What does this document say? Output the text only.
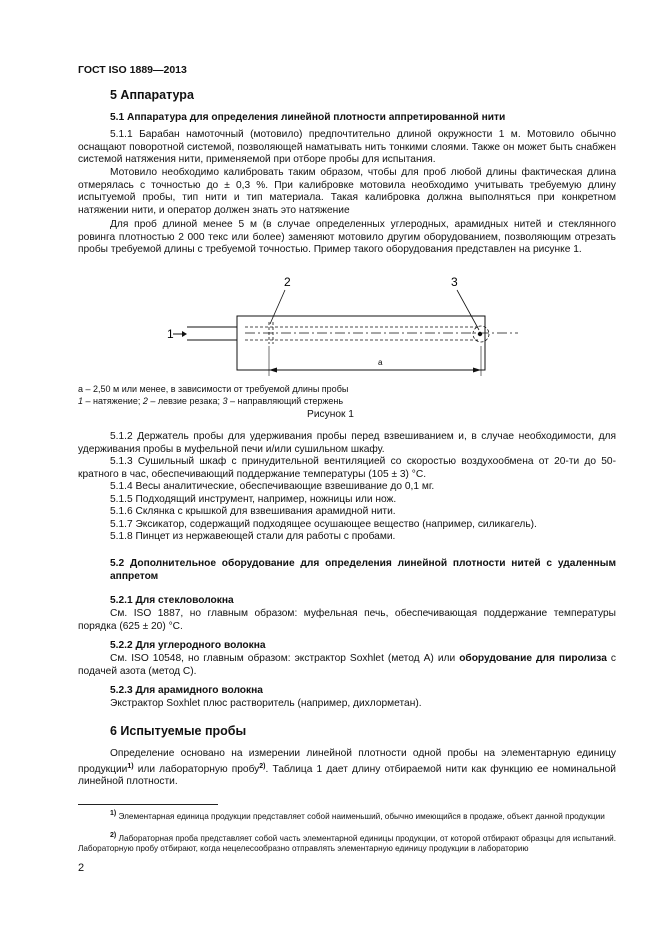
ГОСТ ISO 1889—2013
5 Аппаратура
5.1 Аппаратура для определения линейной плотности аппретированной нити
5.1.1 Барабан намоточный (мотовило) предпочтительно длиной окружности 1 м. Мотовило обычно оснащают поворотной системой, позволяющей наматывать нить тонкими слоями. Также он может быть снабжен системой натяжения нити, применяемой при отборе пробы для испытания.
Мотовило необходимо калибровать таким образом, чтобы для проб любой длины фактическая длина отмерялась с точностью до ± 0,3 %. При калибровке мотовила необходимо учитывать требуемую длину испытуемой пробы, тип нити и тип материала. Такая калибровка должна выполняться при конкретном натяжении нити, и оператор должен знать это натяжение
Для проб длиной менее 5 м (в случае определенных углеродных, арамидных нитей и стеклянного ровинга плотностью 2 000 текс или более) заменяют мотовило другим оборудованием, позволяющим отрезать пробы требуемой длины с требуемой точностью. Пример такого оборудования представлен на рисунке 1.
1
2	3
a
a – 2,50 м или менее, в зависимости от требуемой длины пробы
1 – натяжение; 2 – левзие резака; 3 – направляющий стержень
Рисунок 1
5.1.2 Держатель пробы для удерживания пробы перед взвешиванием и, в случае необходимости, для удерживания пробы в муфельной печи и/или сушильном шкафу.
5.1.3 Сушильный шкаф с принудительной вентиляцией со скоростью воздухообмена от 20-ти до 50-кратного в час, обеспечивающий поддержание температуры (105 ± 3) °С.
5.1.4 Весы аналитические, обеспечивающие взвешивание до 0,1 мг.
5.1.5 Подходящий инструмент, например, ножницы или нож.
5.1.6 Склянка с крышкой для взвешивания арамидной нити.
5.1.7 Эксикатор, содержащий подходящее осушающее вещество (например, силикагель).
5.1.8 Пинцет из нержавеющей стали для работы с пробами.
5.2 Дополнительное оборудование для определения линейной плотности нитей с удаленным аппретом
5.2.1 Для стекловолокна
См. ISO 1887, но главным образом: муфельная печь, обеспечивающая поддержание температуры порядка (625 ± 20) °С.
5.2.2 Для углеродного волокна
См. ISO 10548, но главным образом: экстрактор Soxhlet (метод А) или оборудование для пиролиза с подачей азота (метод С).
5.2.3 Для арамидного волокна
Экстрактор Soxhlet плюс растворитель (например, дихлорметан).
6 Испытуемые пробы
Определение основано на измерении линейной плотности одной пробы на элементарную единицу продукции$^{1)}$ или лабораторную пробу$^{2)}$. Таблица 1 дает длину отбираемой нити как функцию ее номинальной линейной плотности.
1) Элементарная единица продукции представляет собой наименьший, обычно имеющийся в продаже, объект данной продукции
2) Лабораторная проба представляет собой часть элементарной единицы продукции, от которой отбирают образцы для испытаний. Лабораторную пробу отбирают, когда нецелесообразно отправлять элементарную единицу продукции в лабораторию
2
